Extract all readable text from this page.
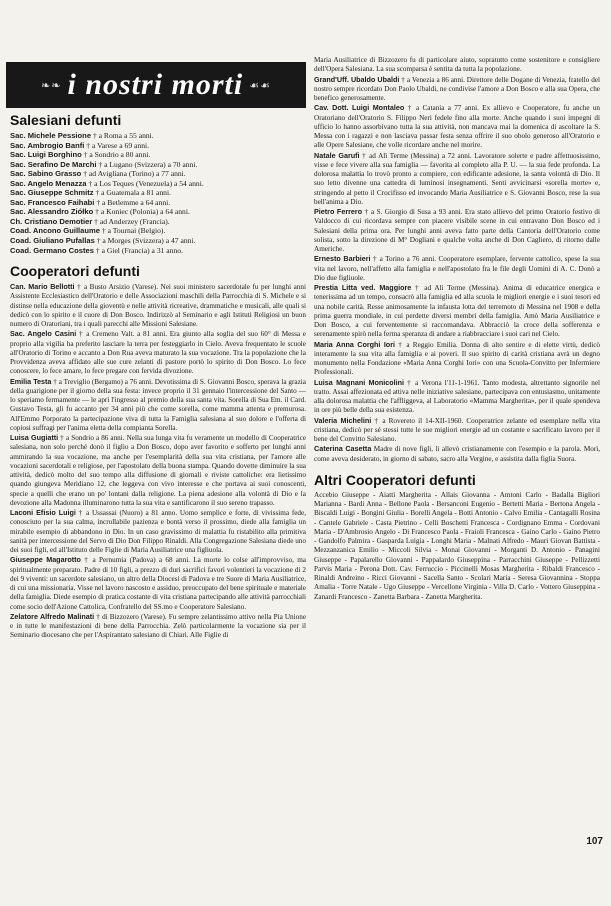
❧❧ i nostri morti ☙☙
Salesiani defunti

Sac. Michele Pessione † a Roma a 55 anni.

Sac. Ambrogio Banfi † a Varese a 69 anni.

Sac. Luigi Borghino † a Sondrio a 80 anni.

Sac. Serafino De Marchi † a Lugano (Svizzera) a 70 anni.

Sac. Sabino Grasso † ad Avigliana (Torino) a 77 anni.

Sac. Angelo Menazza † a Los Teques (Venezuela) a 54 anni.

Sac. Giuseppe Schmitz † a Guatemala a 81 anni.

Sac. Francesco Faihabi † a Betlemme a 64 anni.

Sac. Alessandro Ziółko † a Koniec (Polonia) a 64 anni.

Ch. Cristiano Demotier † ad Anderzey (Francia).

Coad. Ancono Guillaume † a Tournai (Belgio).

Coad. Giuliano Pufallas † a Morges (Svizzera) a 47 anni.

Coad. Germano Costes † a Giel (Francia) a 31 anno.

Cooperatori defunti

Can. Mario Bellotti † a Busto Arsizio (Varese). Nei suoi ministero sacerdotale fu per lunghi anni Assistente Ecclesiastico dell'Oratorio e delle Associazioni maschili della Parrocchia di S. Michele e si distinse nella educazione della gioventù e nelle attività ricreative, drammatiche e musicali, alle quali si dedicò con lo spirito e il cuore di Don Bosco. Indirizzò al Seminario e agli Istituti Religiosi un buon numero di Oratoriani, tra i quali parecchi alle Missioni Salesiane.

Sac. Angelo Casini † a Cremeno Valt. a 81 anni. Era giunto alla soglia del suo 60° di Messa e proprio alla vigilia ha preferito lasciare la terra per festeggiarlo in Cielo. Aveva frequentato le scuole all'Oratorio di Torino e accanto a Don Rua aveva maturato la sua vocazione. Tra la popolazione che la Provvidenza aveva affidato alle sue cure zelanti di pastore portò lo spirito di Don Bosco. Lo fece conoscere, lo fece amare, lo fece pregare con fervida divozione.

Emilia Testa † a Treviglio (Bergamo) a 76 anni. Devotissima di S. Giovanni Bosco, sperava la grazia della guarigione per il giorno della sua festa: invece proprio il 31 gennaio l'intercessione del Santo — lo speriamo fermamente — le aprì l'ingresso al premio della sua santa vita. Sorella di Sua Em. il Card. Gustavo Testa, gli fu accanto per 34 anni più che come sorella, come mamma attenta e premurosa. All'Emmo Porporato la partecipazione viva di tutta la Famiglia salesiana al suo dolore e l'offerta di copiosi suffragi per l'anima eletta della compianta Sorella.

Luisa Gugiatti † a Sondrio a 86 anni. Nella sua lunga vita fu veramente un modello di Cooperatrice salesiana, non solo perché donò il figlio a Don Bosco, dopo aver favorito e sofferto per lunghi anni ammirando la sua vocazione, ma anche per l'esemplarità della sua vita cristiana, per l'amore alle vocazioni sacerdotali e religiose, per l'apostolato della buona stampa. Quando dovette diminuire la sua attività, dedicò molto del suo tempo alla diffusione di giornali e riviste cattoliche: era lietissimo quando giungeva Meridiano 12, che leggeva con vivo interesse e che portava ai suoi conoscenti, specie a quelli che erano un po' lontani dalla religione. La piena adesione alla volontà di Dio e la devozione alla Madonna illuminarono tutta la sua vita e santificarono il suo sereno trapasso.

Laconi Efisio Luigi † a Ussassai (Nuoro) a 81 anno. Uomo semplice e forte, di vivissima fede, conosciuto per la sua calma, incrollabile pazienza e bontà verso il prossimo, diede alla famiglia un mirabile esempio di abbandono in Dio. In un caso gravissimo di malattia fu ristabilito alla primitiva sanità per intercessione del Servo di Dio Don Filippo Rinaldi. Alla Congregazione Salesiana diede uno dei suoi figli, ed all'Istituto delle Figlie di Maria Ausiliatrice una figliuola.

Giuseppe Magarotto † a Pernumia (Padova) a 68 anni. La morte lo colse all'improvviso, ma spiritualmente preparato. Padre di 10 figli, a prezzo di duri sacrifici favorì volentieri la vocazione di 2 dei 9 viventi: un sacerdote salesiano, un altro della Diocesi di Padova e tre Suore di Maria Ausiliatrice, di cui una missionaria. Visse nel lavoro nascosto e assiduo, preoccupato del bene spirituale e materiale della famiglia. Diede esempio di pratica costante di vita cristiana partecipando alle attività parrocchiali come socio dell'Azione Cattolica, Confratello del SS.mo e Cooperatore Salesiano.

Zelatore Alfredo Malinati † di Bizzozero (Varese). Fu sempre zelantissimo attivo nella Pia Unione e in tutte le manifestazioni di bene della Parrocchia. Zelò particolarmente la vocazione sia per il Seminario diocesano che per l'Aspirantato salesiano di Chiari. Alle Figlie di

Maria Ausiliatrice di Bizzozero fu di particolare aiuto, sopratutto come sostenitore e consigliere dell'Opera Salesiana. La sua scomparsa è sentita da tutta la popolazione.

Grand'Uff. Ubaldo Ubaldi † a Venezia a 86 anni. Direttore delle Dogane di Venezia, fratello del nostro sempre ricordato Don Paolo Ubaldi, ne condivise l'amore a Don Bosco e alla sua Opera, che benefico generosamente.

Cav. Dott. Luigi Montaleo † a Catania a 77 anni. Ex allievo e Cooperatore, fu anche un Oratoriano dell'Oratorio S. Filippo Neri fedele fino alla morte. Anche quando i suoi impegni di ufficio lo hanno assorbivano tutta la sua attività, non mancava mai la domenica di ascoltare la S. Messa con i ragazzi e non lasciava passar festa senza offrire il suo obolo generoso all'Oratorio e alle Opere Salesiane, che volle ricordare anche nel morire.

Natale Garufi † ad Alì Terme (Messina) a 72 anni. Lavoratore solerte e padre affettuosissimo, visse e fece vivere alla sua famiglia — favorita al completo alla P. U. — la sua fede profonda. La dolorosa malattia lo trovò pronto a compiere, con edificante adesione, la santa volontà di Dio. Il suo letto divenne una cattedra di luminosi insegnamenti. Senti avvicinarsi «sorella morte» e, stringendo al petto il Crocifisso ed invocando Maria Ausiliatrice e S. Giovanni Bosco, rese la sua bell'anima a Dio.

Pietro Ferrero † a S. Giorgio di Susa a 93 anni. Era stato allievo del primo Oratorio festivo di Valdocco di cui ricordava sempre con piacere visibile scene in cui entravano Don Bosco ed i Salesiani della prima ora. Per lunghi anni aveva fatto parte della Cantoria dell'Oratorio come solista, sotto la direzione di M° Dogliani e qualche volta anche di Don Cagliero, di ritorno dalle Americhe.

Ernesto Barbieri † a Torino a 76 anni. Cooperatore esemplare, fervente cattolico, spese la sua vita nel lavoro, nell'affetto alla famiglia e nell'apostolato fra le file degli Uomini di A. C. Donò a Dio due figliuole.

Prestia Litta ved. Maggiore † ad Alì Terme (Messina). Anima di educatrice energica e tenerissima ad un tempo, consacrò alla famiglia ed alla scuola le migliori energie e i suoi tesori ed una nobile carità. Resse animosamente la infausta lotta del terremoto di Messina nel 1908 e della prima guerra mondiale, in cui perdette diversi membri della famiglia. Amò Maria Ausiliatrice e Don Bosco, a cui ferventemente si raccomandava. Abbracciò la croce della sofferenza e serenamente spirò nella ferma speranza di andare a riabbracciare i suoi cari nel Cielo.

Maria Anna Corghi Iori † a Reggio Emilia. Donna di alto sentire e di elette virtù, dedicò interamente la sua vita alla famiglia e ai poveri. Il suo spirito di carità cristiana avrà un degno monumento nella Fondazione «Maria Anna Corghi Iori» con una Scuola-Convitto per Infermiere Professionali.

Luisa Magnani Monicolini † a Verona l'11-1-1961. Tanto modesta, altrettanto signorile nel tratto. Assai affezionata ed attiva nelle iniziative salesiane, partecipava con entusiasmo, unitamente alla dolorosa malattia che l'affliggeva, al Laboratorio «Mamma Margherita», per il quale spendeva in ore più belle della sua esistenza.

Valeria Michelini † a Rovereto il 14-XII-1960. Cooperatrice zelante ed esemplare nella vita cristiana, dedicò per sé stessi tutte le sue migliori energie ad un costante e sacrificato lavoro per il bene del Convitto Salesiano.

Caterina Casetta Madre di nove figli, li allevò cristianamente con l'esempio e la parola. Morì, come aveva desiderato, in giorno di sabato, sacro alla Vergine, e assistita dalla figlia Suora.

Altri Cooperatori defunti

Accebio Giuseppe - Aiatti Margherita - Allais Giovanna - Amtoni Carlo - Badalla Bigliori Marianna - Bardi Anna - Bellone Paola - Bersanconi Eugenio - Bertetti Maria - Bertona Angela - Biscaldi Luigi - Bongini Giulia - Borelli Angela - Botti Antonio - Calvo Emilia - Cantagalli Rosina - Cantele Gabriele - Casta Pietrino - Celli Boschetti Francesca - Cordignano Emma - Cordovani Maria - D'Ambrosio Angelo - Di Francesco Paola - Fraioli Francesca - Gaino Carlo - Gaino Pietro - Gandolfo Palmira - Gasparda Luigia - Longhi Maria - Malnati Alfredo - Mauri Giovan Battista - Mezzanzanica Emilio - Miccoli Silvia - Monai Giovanni - Morganti D. Antonio - Panagini Giuseppe - Papalarello Giovanni - Pappalardo Giuseppina - Parracchini Giuseppe - Pellizzetti Parvis Maria - Perona Dott. Cav. Ferruccio - Piccinelli Mosas Margherita - Ribaldi Francesco - Rinaldi Andreino - Ricci Giovanni - Sacella Santo - Scolari Maria - Seresa Giovannina - Stoppa Amalia - Torre Natale - Ugo Giuseppe - Vercellone Virginia - Villa D. Carlo - Vottero Giuseppina - Zanardi Francesco - Zanetta Barbara - Zanetta Margherita.

107
